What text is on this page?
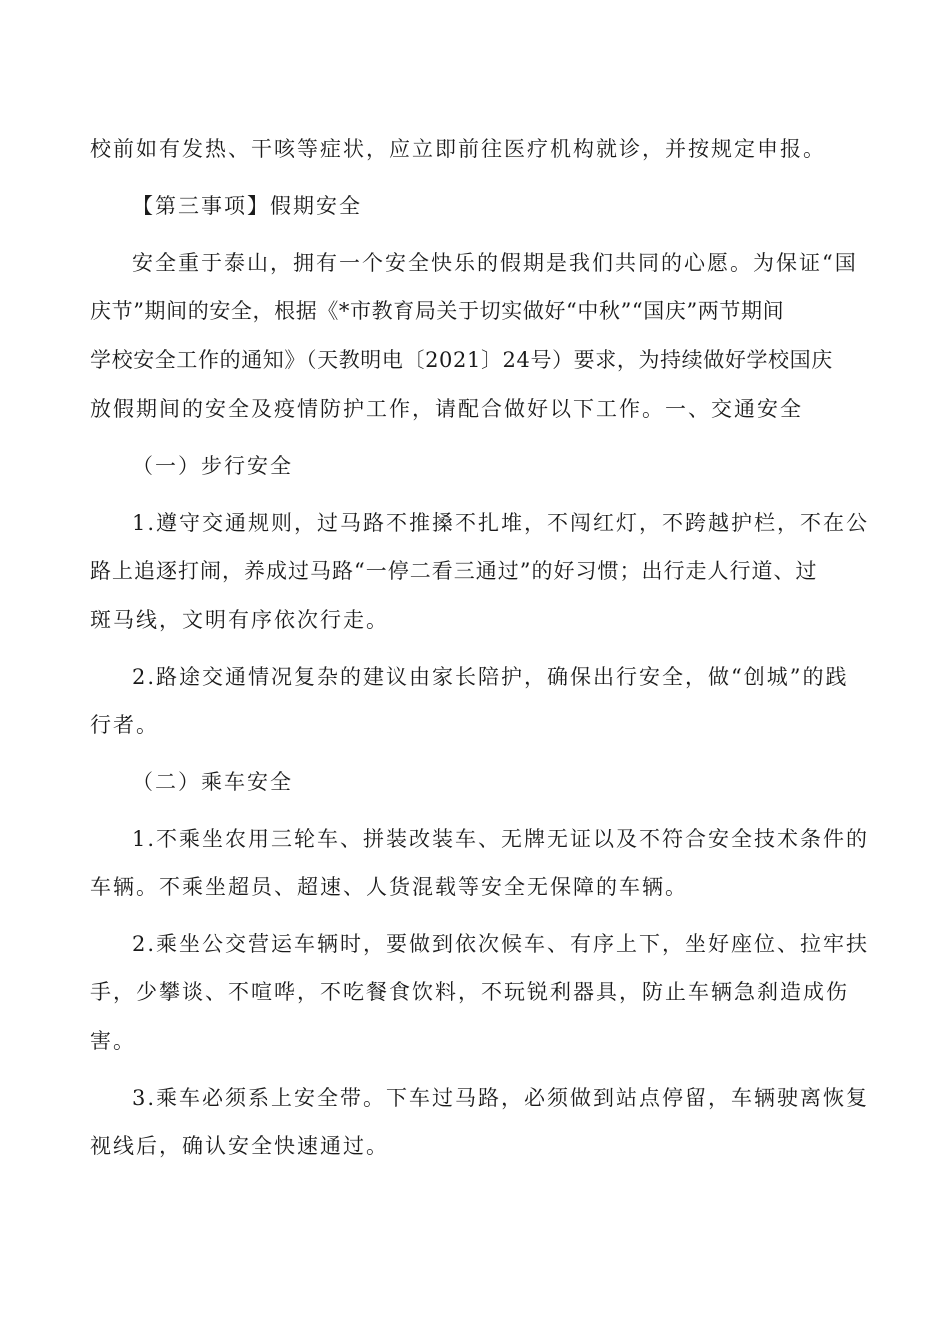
校前如有发热、干咳等症状，应立即前往医疗机构就诊，并按规定申报。

【第三事项】假期安全

安全重于泰山，拥有一个安全快乐的假期是我们共同的心愿。为保证“国

庆节”期间的安全，根据《*市教育局关于切实做好“中秋”“国庆”两节期间

学校安全工作的通知》（天教明电〔2021〕24号）要求，为持续做好学校国庆

放假期间的安全及疫情防护工作，请配合做好以下工作。一、交通安全

（一）步行安全

1.遵守交通规则，过马路不推搡不扎堆，不闯红灯，不跨越护栏，不在公

路上追逐打闹，养成过马路“一停二看三通过”的好习惯；出行走人行道、过

斑马线，文明有序依次行走。

2.路途交通情况复杂的建议由家长陪护，确保出行安全，做“创城”的践

行者。

（二）乘车安全

1.不乘坐农用三轮车、拼装改装车、无牌无证以及不符合安全技术条件的

车辆。不乘坐超员、超速、人货混载等安全无保障的车辆。

2.乘坐公交营运车辆时，要做到依次候车、有序上下，坐好座位、拉牢扶

手，少攀谈、不喧哗，不吃餐食饮料，不玩锐利器具，防止车辆急刹造成伤

害。

3.乘车必须系上安全带。下车过马路，必须做到站点停留，车辆驶离恢复

视线后，确认安全快速通过。
